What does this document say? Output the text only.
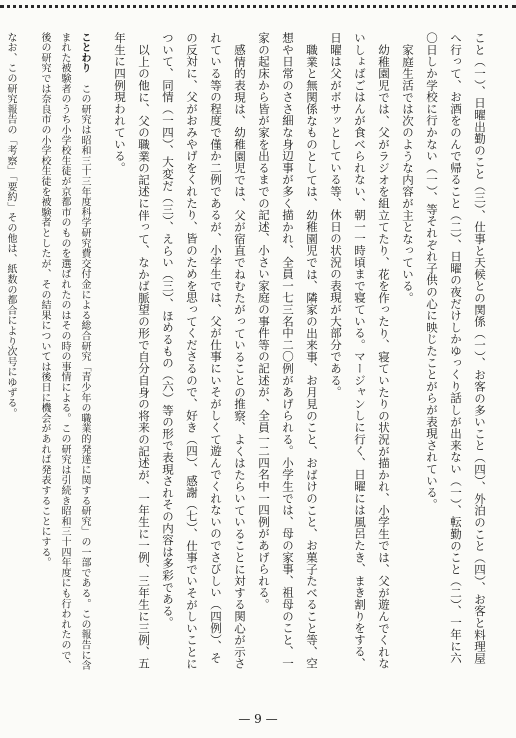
こと（一）、日曜出勤のこと（三）、仕事と天候との関係（一）、お客の多いこと（四）、外泊のこと（四）、お客と料理屋へ行って、お酒をのんで帰ること（二）、日曜の夜だけしかゆっくり話しが出来ない（一）、転勤のこと（二）、一年に六〇日しか学校に行かない（一）、等それぞれ子供の心に映じたことがらが表現されている。

家庭生活では次のような内容が主となっている。

幼稚園児では、父がラジオを組立てたり、花を作ったり、寝ていたりの状況が描かれ、小学生では、父が遊んでくれないしょばごはんが食べられない、朝一一時頃まで寝ている。マージャンしに行く、日曜には風呂たき、まき割りをする、日曜は父がボサッとしている等、休日の状況の表現が大部分である。

職業と無関係なものとしては、幼稚園児では、隣家の出来事、お月見のこと、おばけのこと、お菓子たべること等、空想や日常のささ細な身辺事が多く描かれ、全員一七三名中二〇例があげられる。小学生では、母の家事、祖母のこと、一家の起床から皆が家を出るまでの記述、小さい家庭の事件等の記述が、全員一二四名中一四例があげられる。

感情的表現は、幼稚園児では、父が宿直でねむたがっていることの推察、よくはたらいていることに対する関心が示されている等の程度で僅か二例であるが、小学生では、父が仕事にいそがしくて遊んでくれないのでさびしい（四例）、その反対に、父がおみやげをくれたり、皆のためを思ってくださるので、好き（四）、感謝（七）、仕事でいそがしいことについて、同情（一四）、大変だ（三）、えらい（三）、ほめるもの（六）等の形で表現されその内容は多彩である。

以上の他に、父の職業の記述に伴って、なかば脈望の形で自分自身の将来の記述が、一年生に一例、三年生に三例、五年生に四例現われている。

ことわり　この研究は昭和三十三年度科学研究費交付金による総合研究「青少年の職業的発達に関する研究」の一部である。この報告に含まれた被験者のうち小学校生徒が京都市のものを選ばれたのはその時の事情による。この研究は引続き昭和三十四年度にも行われたので、後の研究では奈良市の小学校生徒を被験者としたが、その結果については後日に機会があれば発表することにする。

なお、この研究報告の「考察」「要約」その他は、紙数の都合により次号にゆずる。

— 9 —
